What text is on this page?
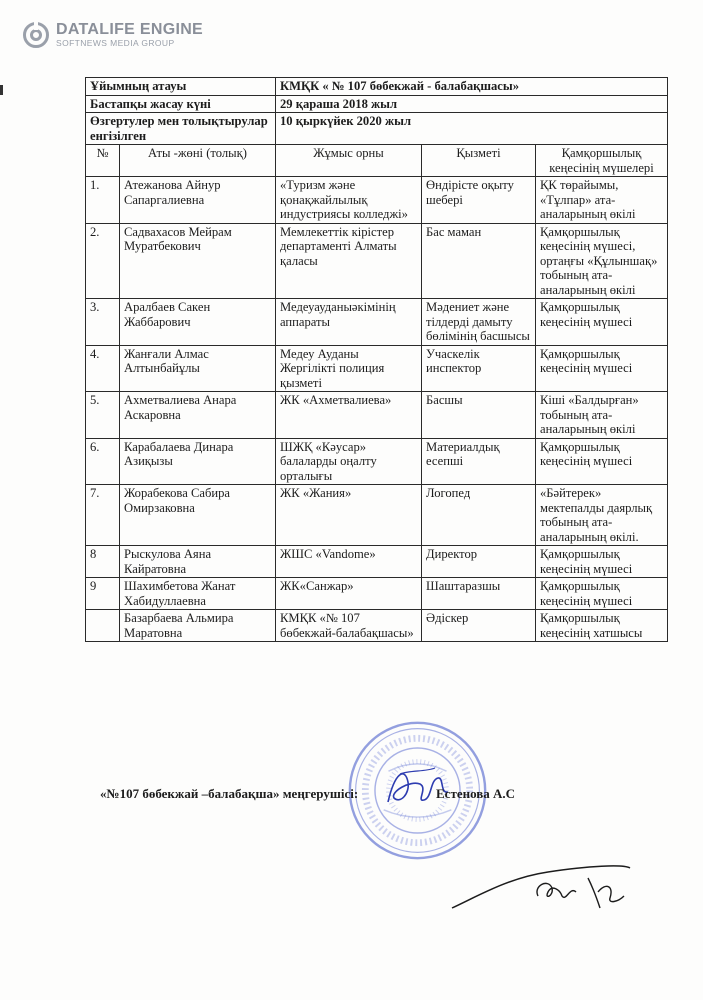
DATALIFE ENGINE
SOFTNEWS MEDIA GROUP
Ұйымның атауы		КМҚК « № 107 бөбекжай - балабақшасы»		
Бастапқы жасау күні		29 қараша 2018 жыл		
Өзгертулер мен толықтырулар енгізілген		10 қыркүйек 2020 жыл		
№	Аты -жөні (толық)	Жұмыс орны	Қызметі	Қамқоршылық кеңесінің мүшелері
1.	Атежанова Айнур Сапаргалиевна	«Туризм және қонақжайлылық индустриясы колледжі»	Өндірісте оқыту шебері	ҚК төрайымы, «Тұлпар» ата-аналарының өкілі
2.	Садвахасов Мейрам Муратбекович	Мемлекеттік кірістер департаменті Алматы қаласы	Бас маман	Қамқоршылық кеңесінің мүшесі, ортаңғы «Құлыншақ» тобының ата-аналарының өкілі
3.	Аралбаев Сакен Жаббарович	Медеуауданыәкімінің аппараты	Мәдениет және тілдерді дамыту бөлімінің басшысы	Қамқоршылық кеңесінің мүшесі
4.	Жанғали Алмас Алтынбайұлы	Медеу Ауданы Жергілікті полиция қызметі	Учаскелік инспектор	Қамқоршылық кеңесінің мүшесі
5.	Ахметвалиева Анара Аскаровна	ЖК «Ахметвалиева»	Басшы	Кіші «Балдырған» тобының ата-аналарының өкілі
6.	Карабалаева Динара Азиқызы	ШЖҚ «Кәусар» балаларды оңалту орталығы	Материалдық есепші	Қамқоршылық кеңесінің мүшесі
7.	Жорабекова Сабира Омирзаковна	ЖК «Жания»	Логопед	«Бәйтерек» мектепалды даярлық тобының ата-аналарының өкілі.
8	Рыскулова Аяна Кайратовна	ЖШС «Vandome»	Директор	Қамқоршылық кеңесінің мүшесі
9	Шахимбетова Жанат Хабидуллаевна	ЖК«Санжар»	Шаштаразшы	Қамқоршылық кеңесінің мүшесі
	Базарбаева Альмира Маратовна	КМҚК «№ 107 бөбекжай-балабақшасы»	Әдіскер	Қамқоршылық кеңесінің хатшысы
«№107 бөбекжай –балабақша» меңгерушісі:	Естенова А.С
